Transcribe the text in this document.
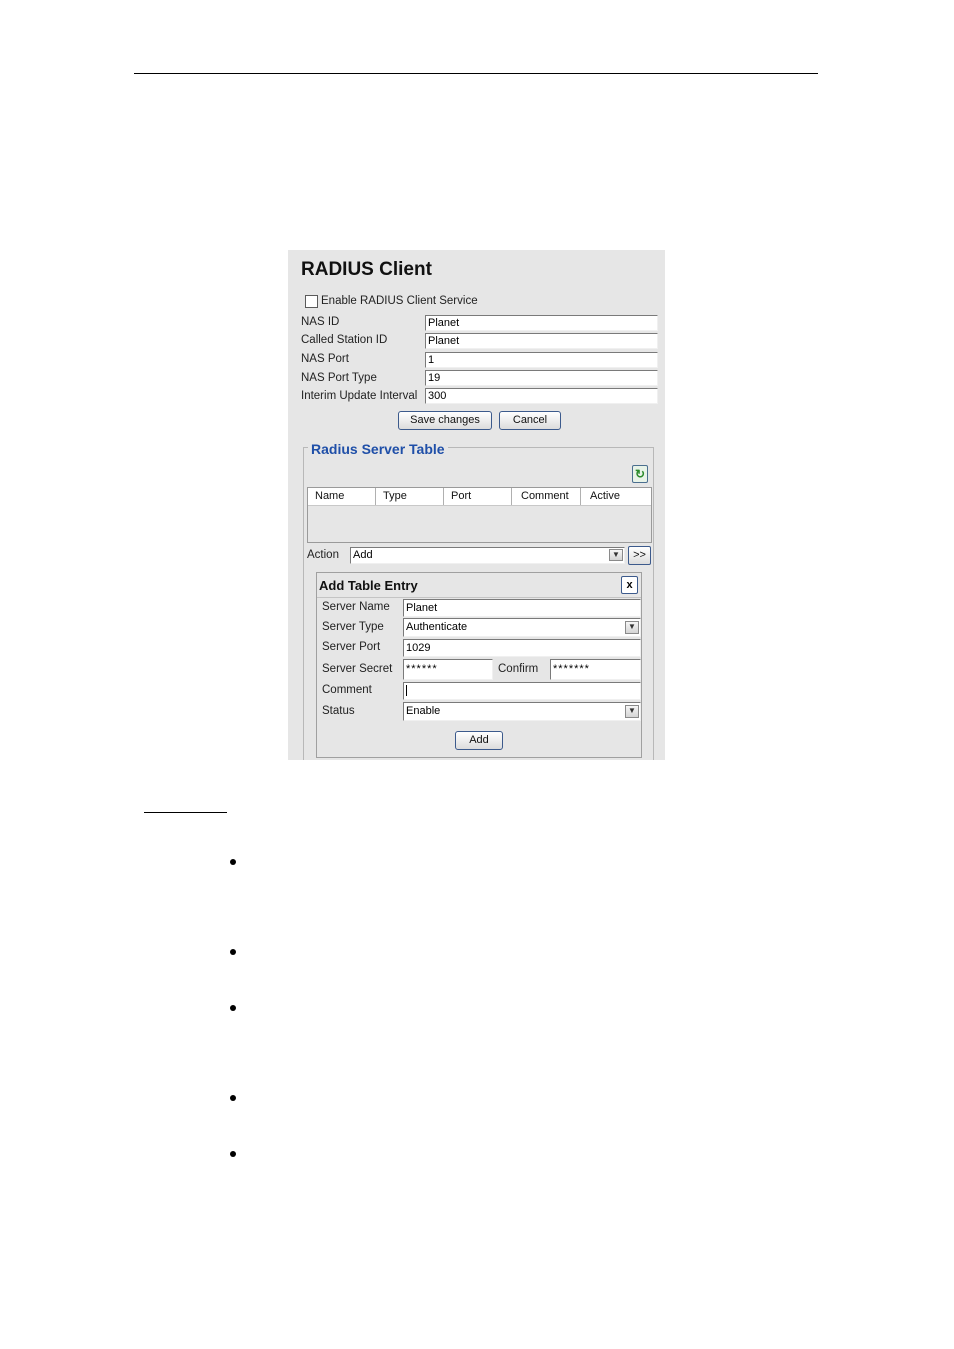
RADIUS Client
Enable RADIUS Client Service
NAS ID	Planet
Called Station ID	Planet
NAS Port	1
NAS Port Type	19
Interim Update Interval 300
Save changes	Cancel
Radius Server Table
↻
Name	Type	Port	Comment	Active
Action Add	▼	>>
Add Table Entry	x
Server Name Planet
Server Type Authenticate	▼
Server Port 1029
Server Secret ******	Confirm *******
Comment
Status	Enable	▼
Add
